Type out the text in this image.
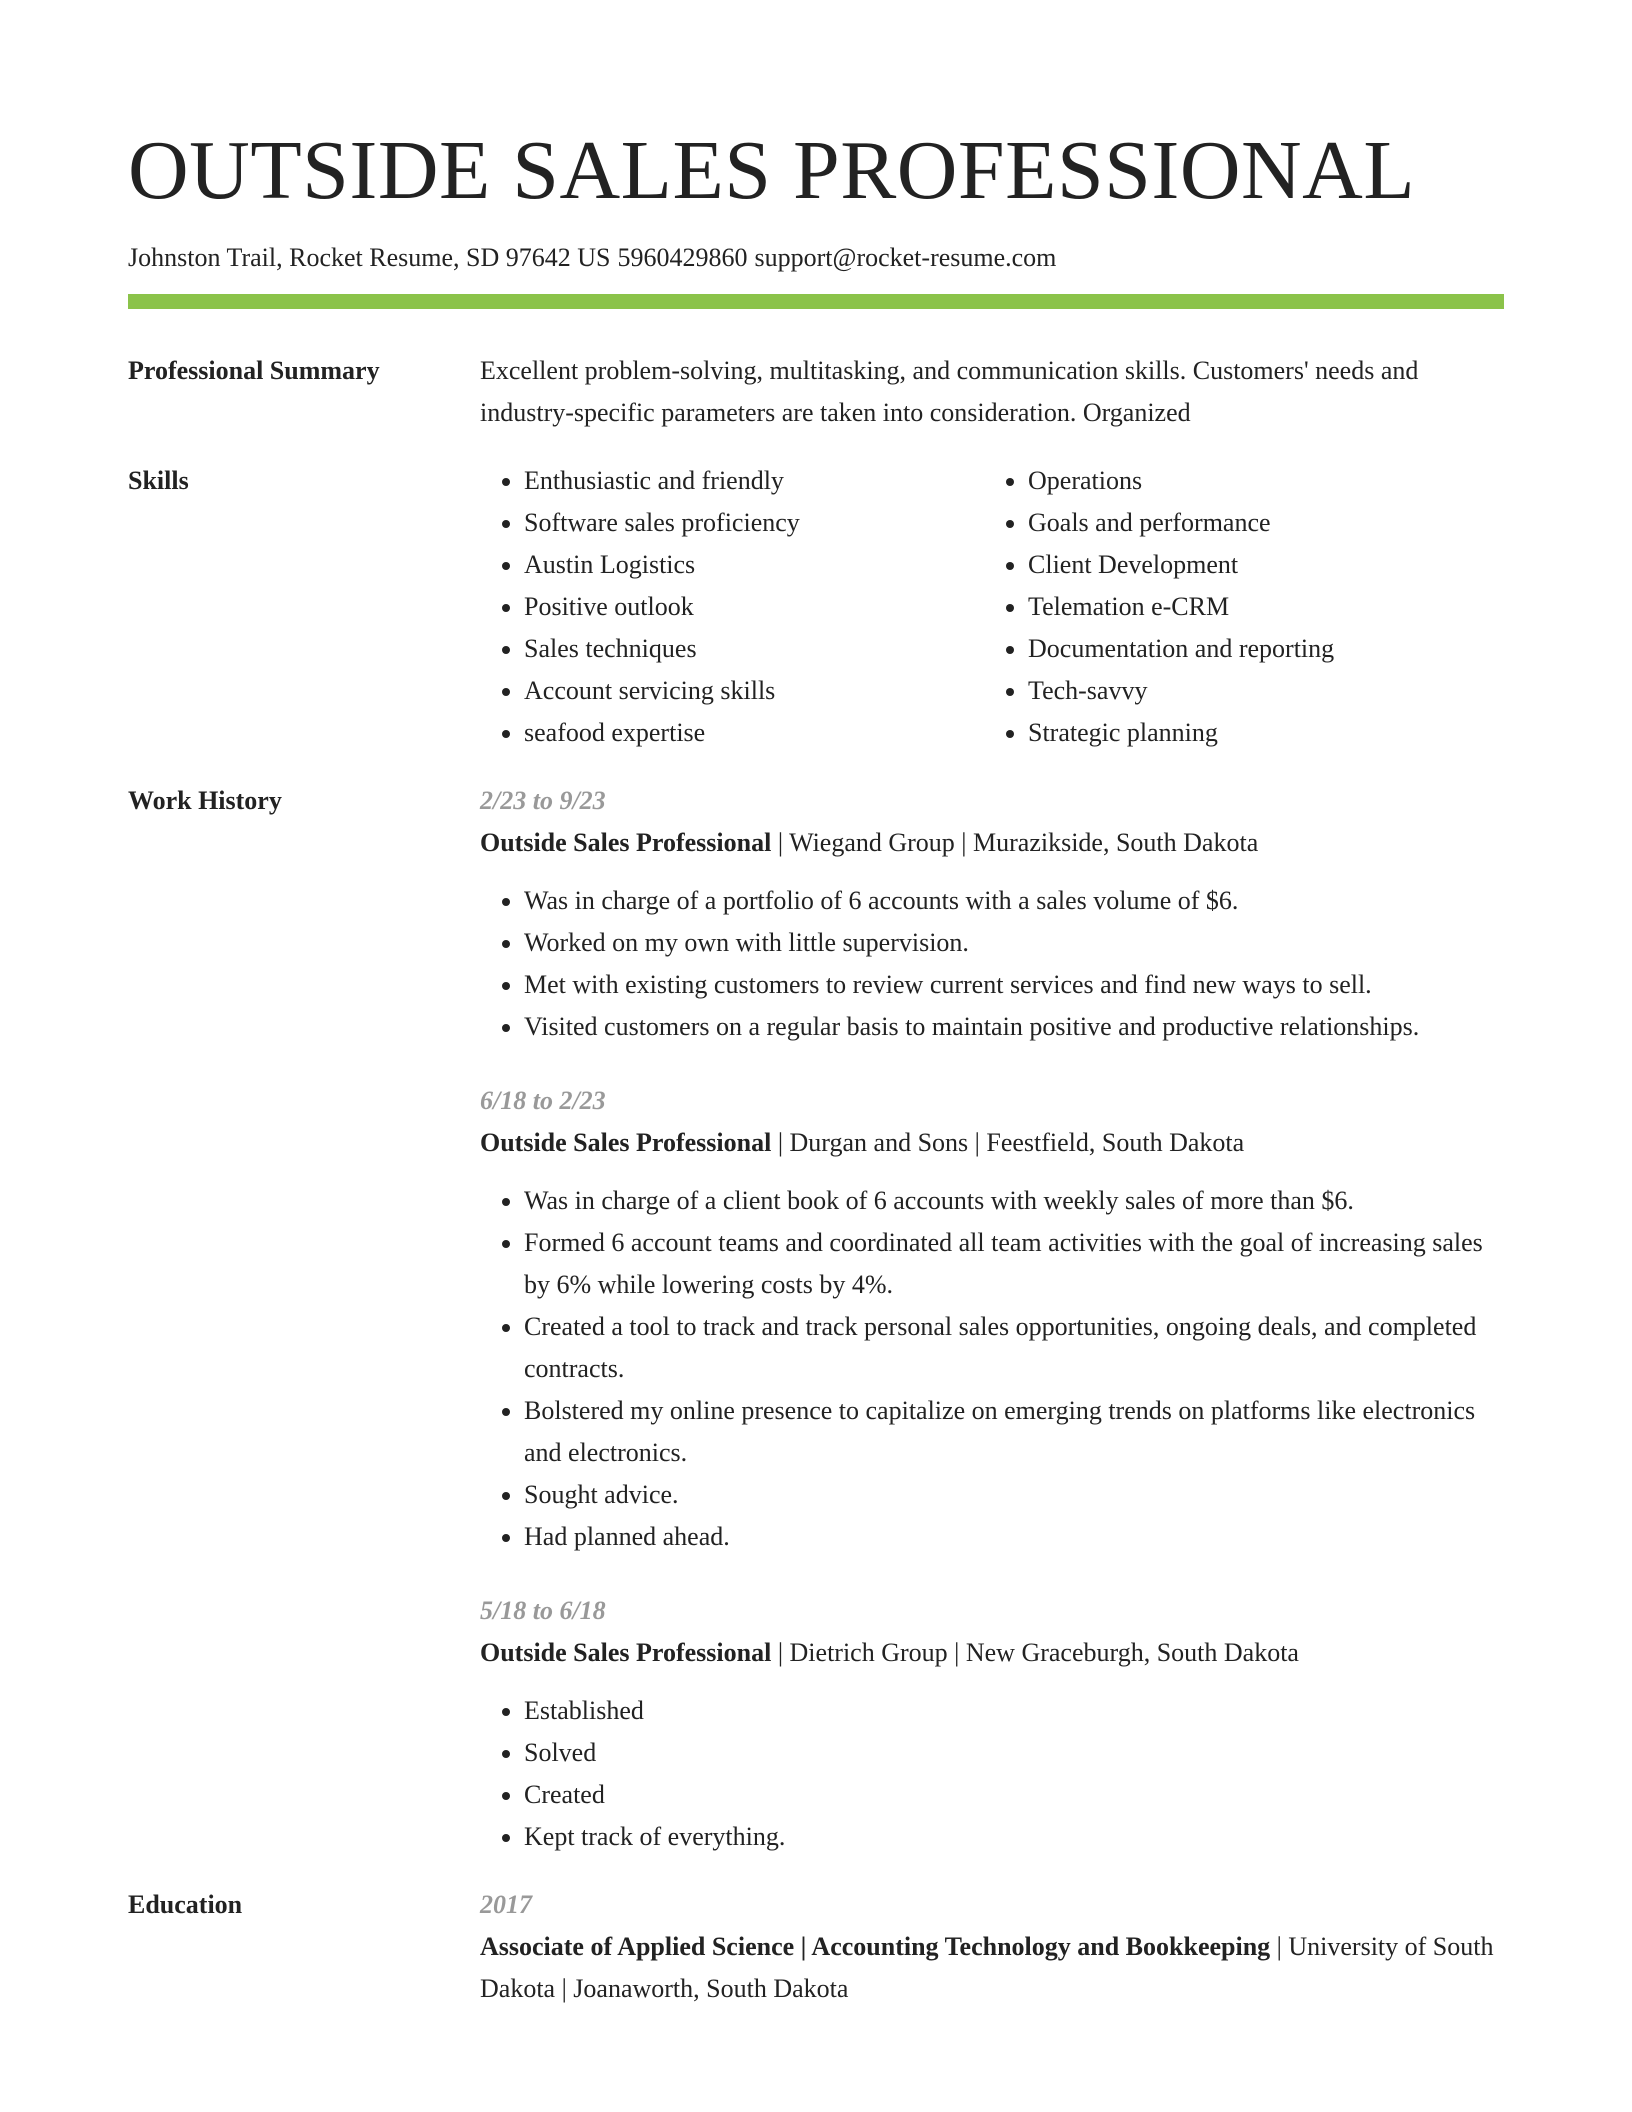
OUTSIDE SALES PROFESSIONAL
Johnston Trail, Rocket Resume, SD 97642 US 5960429860 support@rocket-resume.com
Professional Summary	Excellent problem-solving, multitasking, and communication skills. Customers' needs and industry-specific parameters are taken into consideration. Organized
Skills
•	Enthusiastic and friendly
• Software sales proficiency
• Austin Logistics
• Positive outlook
• Sales techniques
• Account servicing skills
• seafood expertise
• Operations
• Goals and performance
• Client Development
• Telemation e-CRM
• Documentation and reporting
• Tech-savvy
• Strategic planning
Work History	2/23 to 9/23
Outside Sales Professional | Wiegand Group | Murazikside, South Dakota
• Was in charge of a portfolio of 6 accounts with a sales volume of $6.
• Worked on my own with little supervision.
• Met with existing customers to review current services and find new ways to sell.
• Visited customers on a regular basis to maintain positive and productive relationships.
6/18 to 2/23
Outside Sales Professional | Durgan and Sons | Feestfield, South Dakota
• Was in charge of a client book of 6 accounts with weekly sales of more than $6.
• Formed 6 account teams and coordinated all team activities with the goal of increasing sales by 6% while lowering costs by 4%.
• Created a tool to track and track personal sales opportunities, ongoing deals, and completed contracts.
• Bolstered my online presence to capitalize on emerging trends on platforms like electronics and electronics.
• Sought advice.
• Had planned ahead.
5/18 to 6/18
Outside Sales Professional | Dietrich Group | New Graceburgh, South Dakota
• Established
• Solved
• Created
• Kept track of everything.
Education	2017
Associate of Applied Science | Accounting Technology and Bookkeeping | University of South Dakota | Joanaworth, South Dakota
